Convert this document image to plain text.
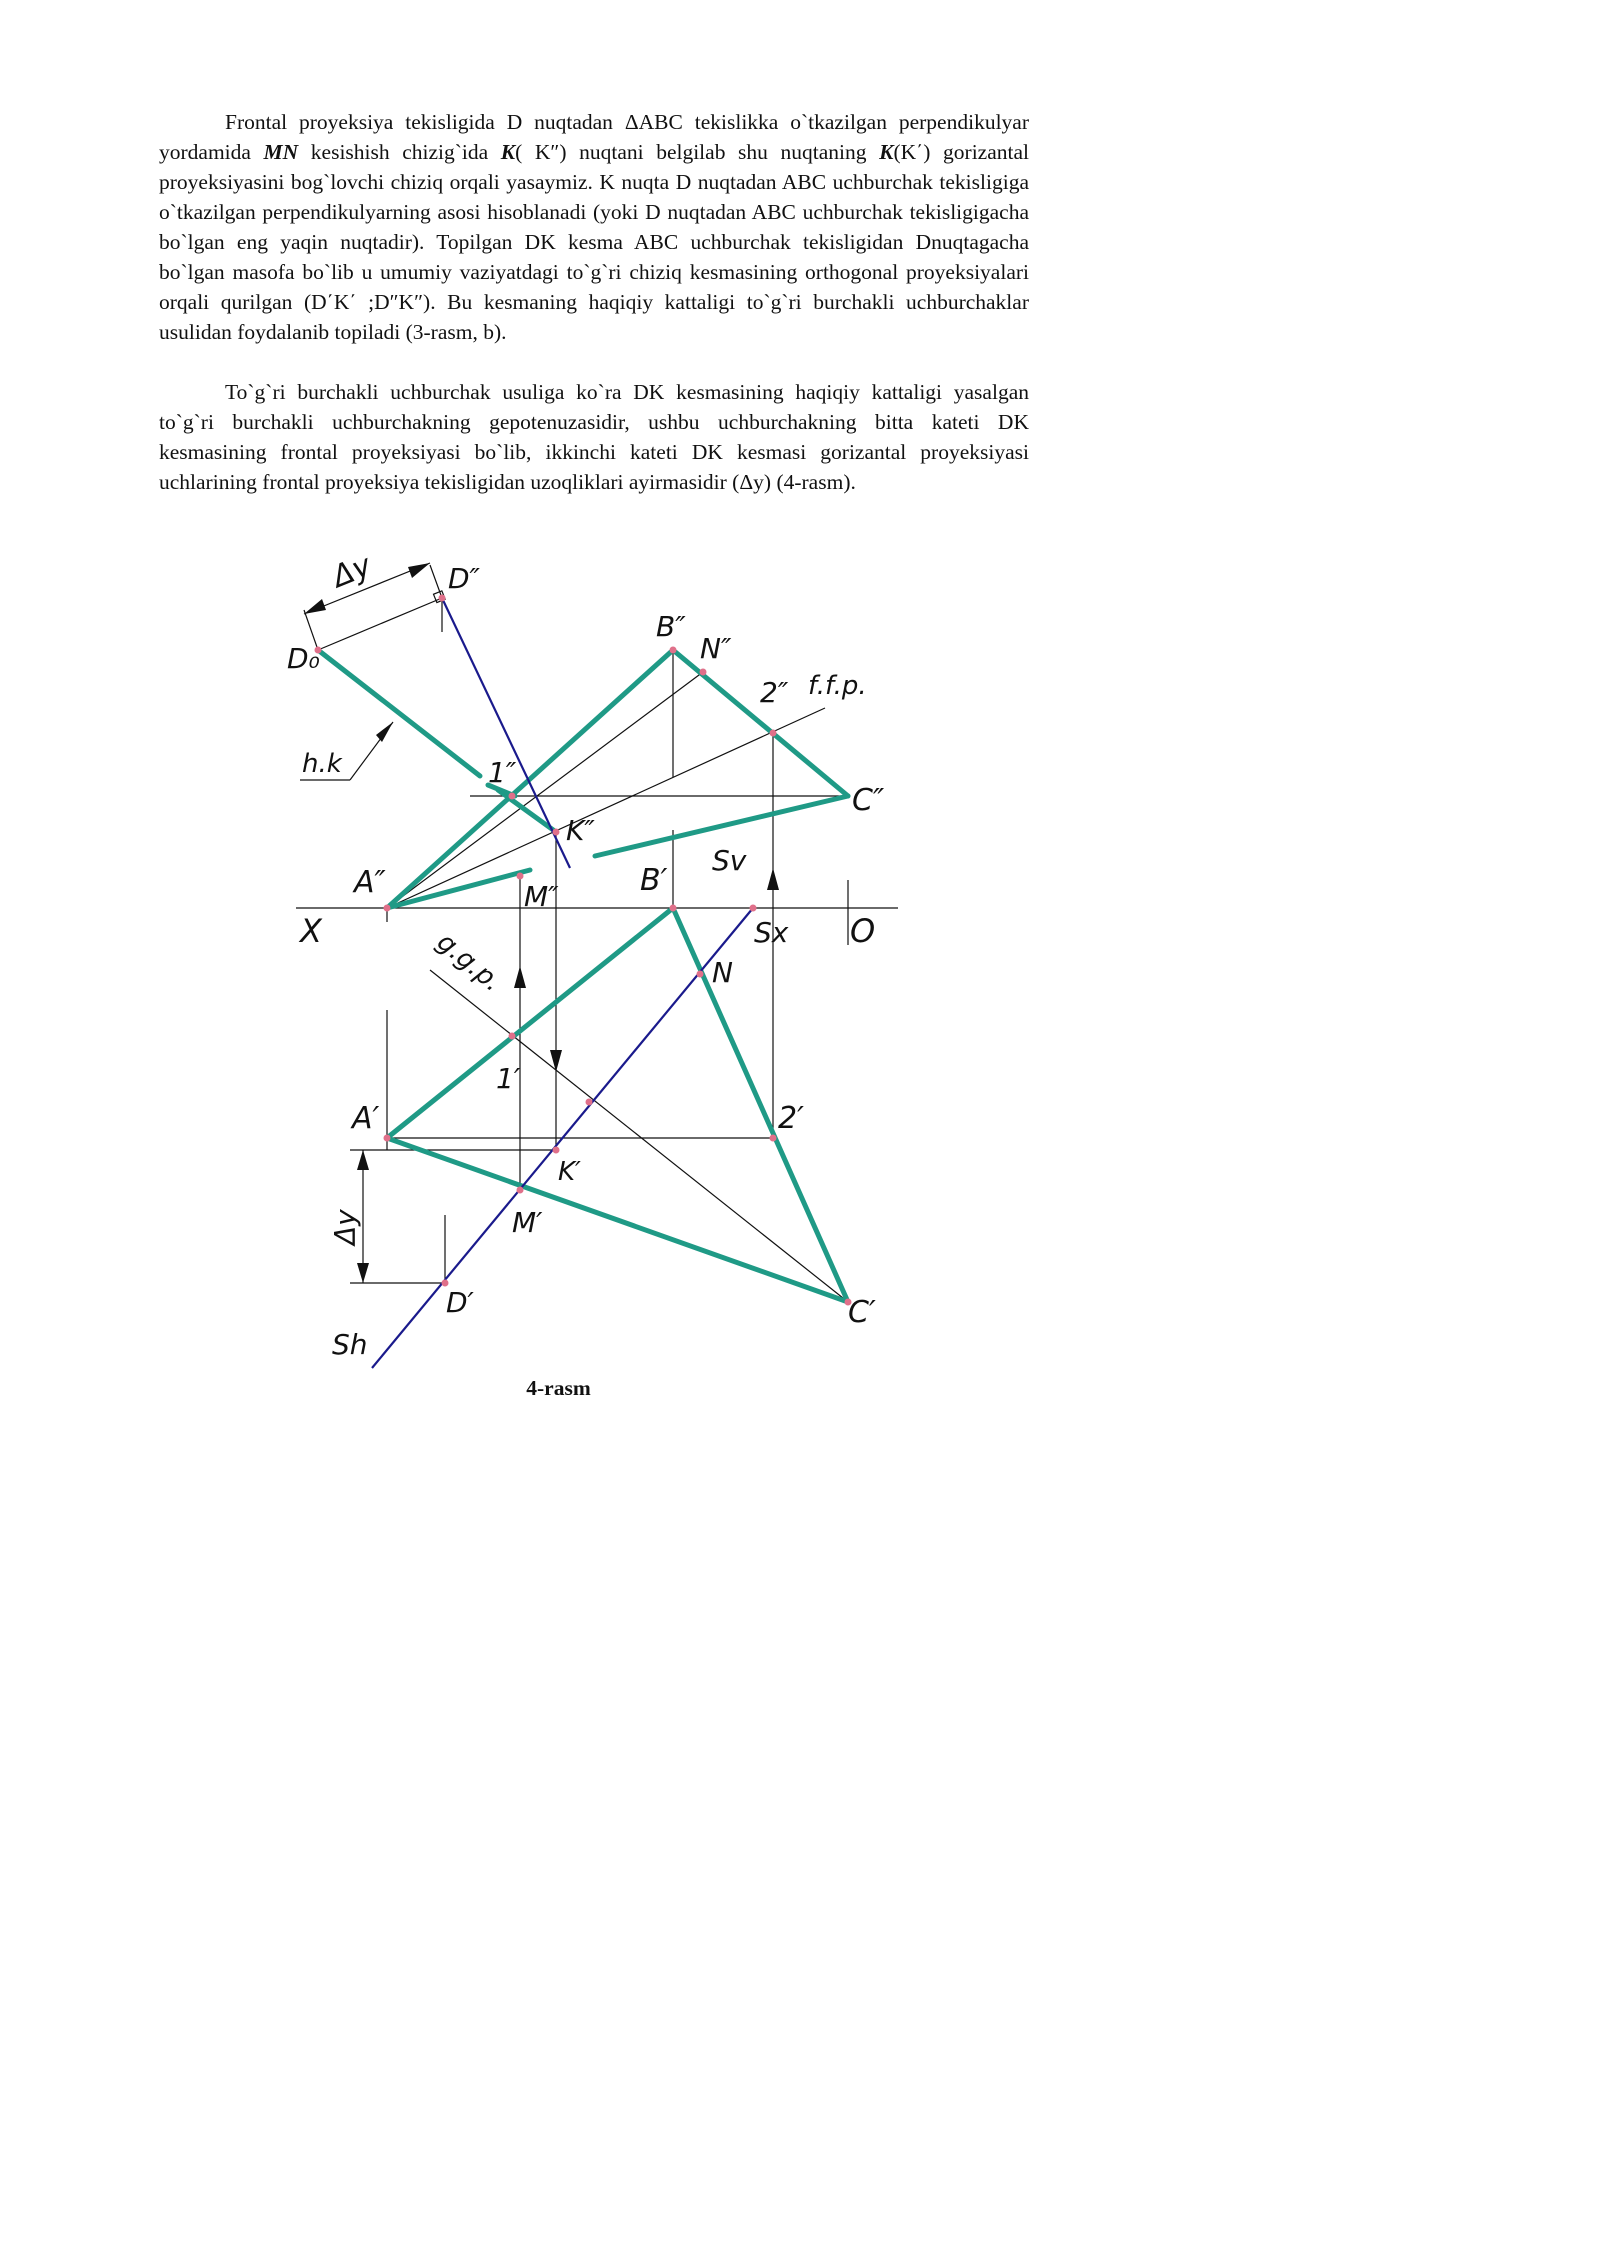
Frontal proyeksiya tekisligida D nuqtadan ΔABC tekislikka o`tkazilgan perpendikulyar yordamida MN kesishish chizig`ida K( K″) nuqtani belgilab shu nuqtaning K(K΄) gorizantal proyeksiyasini bog`lovchi chiziq orqali yasaymiz. K nuqta D nuqtadan ABC uchburchak tekisligiga o`tkazilgan perpendikulyarning asosi hisoblanadi (yoki D nuqtadan ABC uchburchak tekisligigacha bo`lgan eng yaqin nuqtadir). Topilgan DK kesma ABC uchburchak tekisligidan Dnuqtagacha bo`lgan masofa bo`lib u umumiy vaziyatdagi to`g`ri chiziq kesmasining orthogonal proyeksiyalari orqali qurilgan (D΄K΄ ;D″K″). Bu kesmaning haqiqiy kattaligi to`g`ri burchakli uchburchaklar usulidan foydalanib topiladi (3-rasm, b).

To`g`ri burchakli uchburchak usuliga ko`ra DK kesmasining haqiqiy kattaligi yasalgan to`g`ri burchakli uchburchakning gepotenuzasidir, ushbu uchburchakning bitta kateti DK kesmasining frontal proyeksiyasi bo`lib, ikkinchi kateti DK kesmasi gorizantal proyeksiyasi uchlarining frontal proyeksiya tekisligidan uzoqliklari ayirmasidir (Δy) (4-rasm).

Δy	D″
D₀
B″
N″
2″ f.f.p.
h.k	1″
C″
K″
A″	M″	B′
Sv
X	Sx O
g.g.p.	N
1′
A′	2′
K′
Δy	M′
D′	C′
Sh
4-rasm
